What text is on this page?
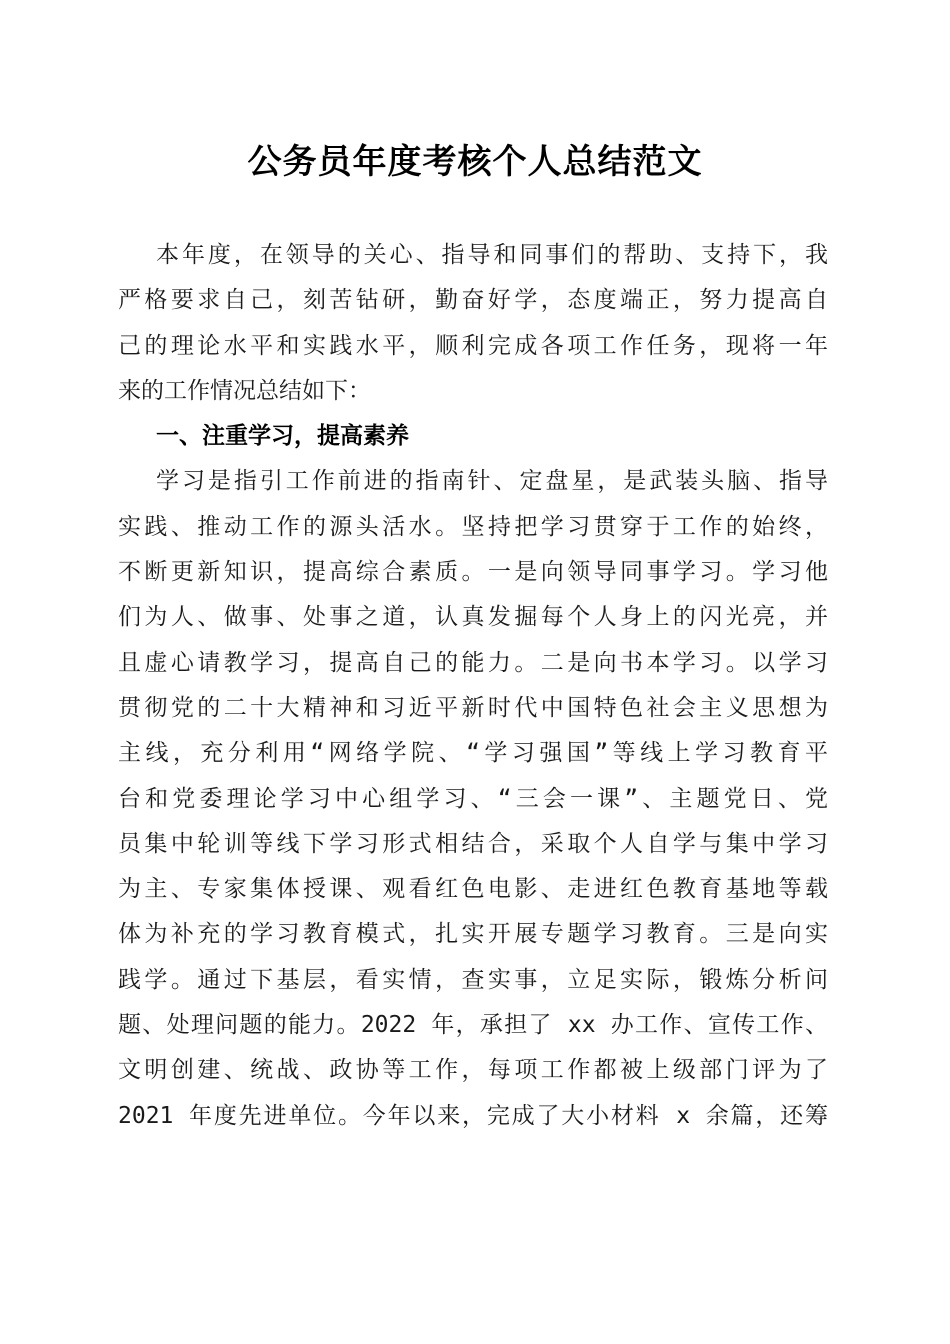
公务员年度考核个人总结范文
本年度，在领导的关心、指导和同事们的帮助、支持下，我
严格要求自己，刻苦钻研，勤奋好学，态度端正，努力提高自
己的理论水平和实践水平，顺利完成各项工作任务，现将一年
来的工作情况总结如下：
一、注重学习，提高素养
学习是指引工作前进的指南针、定盘星，是武装头脑、指导
实践、推动工作的源头活水。坚持把学习贯穿于工作的始终，
不断更新知识，提高综合素质。一是向领导同事学习。学习他
们为人、做事、处事之道，认真发掘每个人身上的闪光亮，并
且虚心请教学习，提高自己的能力。二是向书本学习。以学习
贯彻党的二十大精神和习近平新时代中国特色社会主义思想为
主线，充分利用“网络学院、“学习强国”等线上学习教育平
台和党委理论学习中心组学习、“三会一课”、主题党日、党
员集中轮训等线下学习形式相结合，采取个人自学与集中学习
为主、专家集体授课、观看红色电影、走进红色教育基地等载
体为补充的学习教育模式，扎实开展专题学习教育。三是向实
践学。通过下基层，看实情，查实事，立足实际，锻炼分析问
题、处理问题的能力。2022 年，承担了 xx 办工作、宣传工作、
文明创建、统战、政协等工作，每项工作都被上级部门评为了
2021 年度先进单位。今年以来，完成了大小材料 x 余篇，还筹
